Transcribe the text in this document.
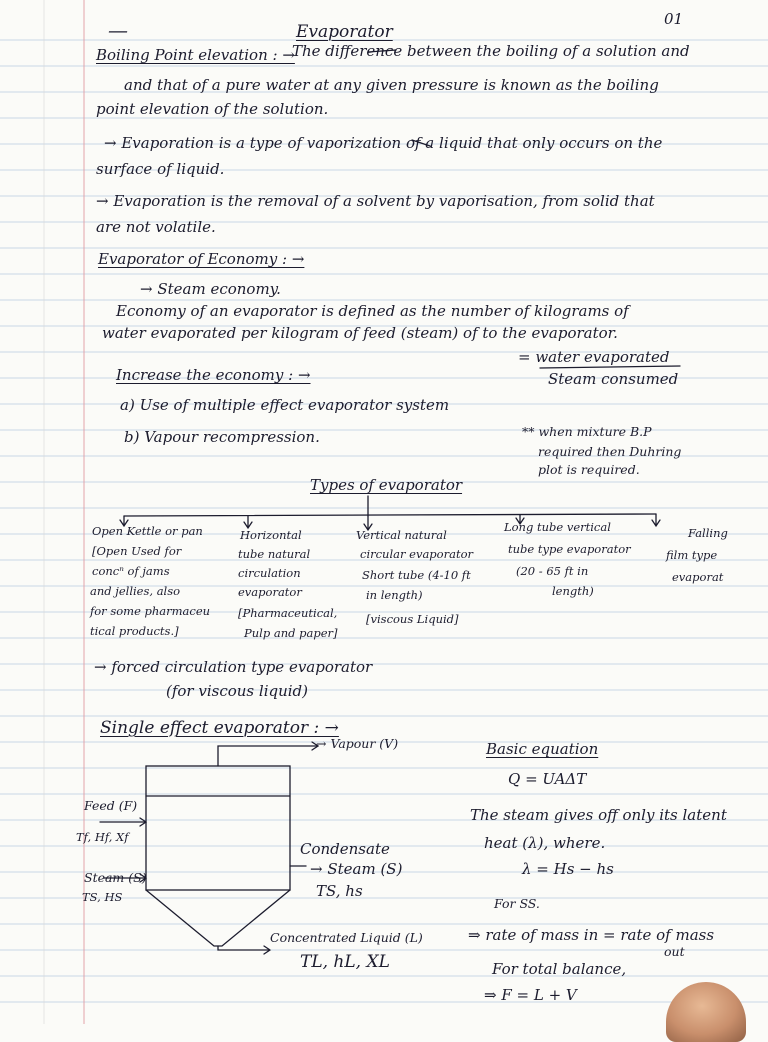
—	Evaporator
01
Boiling Point elevation : →
The difference between the boiling of a solution and
and that of a pure water at any given pressure is known as the boiling
point elevation of the solution.
→ Evaporation is a type of vaporization of a liquid that only occurs on the
surface of liquid.
→ Evaporation is the removal of a solvent by vaporisation, from solid that
are not volatile.
Evaporator of Economy : →
→ Steam economy.
Economy of an evaporator is defined as the number of kilograms of
water evaporated per kilogram of feed (steam) of to the evaporator.
= water evaporated
Steam consumed
Increase the economy : →
a) Use of multiple effect evaporator system
b) Vapour recompression.	** when mixture B.P
required then Duhring
plot is required.
Types of evaporator
Open Kettle or pan
[Open Used for
concⁿ of jams
and jellies, also
for some pharmaceu
tical products.]
Horizontal
tube natural
circulation
evaporator
[Pharmaceutical,
Pulp and paper]
Vertical natural
circular evaporator
Short tube (4-10 ft
in length)
[viscous Liquid]
Long tube vertical
tube type evaporator
(20 - 65 ft in
length)
Falling
film type
evaporat
→ forced circulation type evaporator
(for viscous liquid)
Single effect evaporator : →
→ Vapour (V)
Feed (F)
Tf, Hf, Xf
Steam (S)
TS, HS
Condensate
→ Steam (S)
TS, hs
Concentrated Liquid (L)
TL, hL, XL
Basic equation
Q = UAΔT
The steam gives off only its latent
heat (λ), where.
λ = Hs − hs
For SS.
⇒ rate of mass in = rate of mass
out
For total balance,
⇒ F = L + V
